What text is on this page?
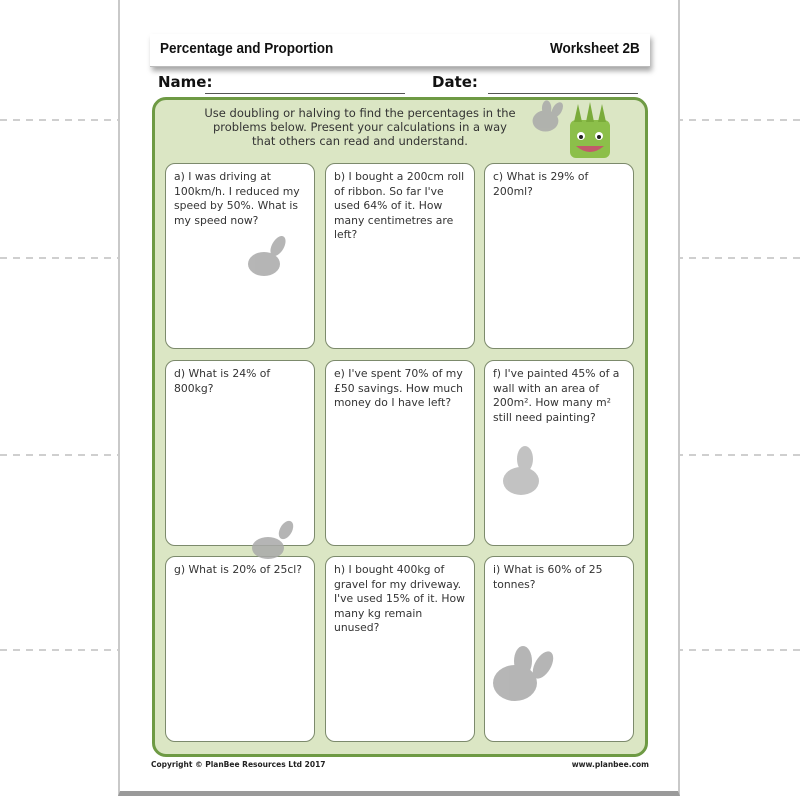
Percentage and Proportion	Worksheet 2B
Name:	Date:
Use doubling or halving to find the percentages in the problems below. Present your calculations in a way that others can read and understand.
a) I was driving at 100km/h. I reduced my speed by 50%. What is my speed now?
b) I bought a 200cm roll of ribbon. So far I've used 64% of it. How many centimetres are left?
c) What is 29% of 200ml?
d) What is 24% of 800kg?
e) I've spent 70% of my £50 savings. How much money do I have left?
f) I've painted 45% of a wall with an area of 200m². How many m² still need painting?
g) What is 20% of 25cl?	h) I bought 400kg of gravel for my driveway. I've used 15% of it. How many kg remain unused?
i) What is 60% of 25 tonnes?
Copyright © PlanBee Resources Ltd 2017	www.planbee.com
